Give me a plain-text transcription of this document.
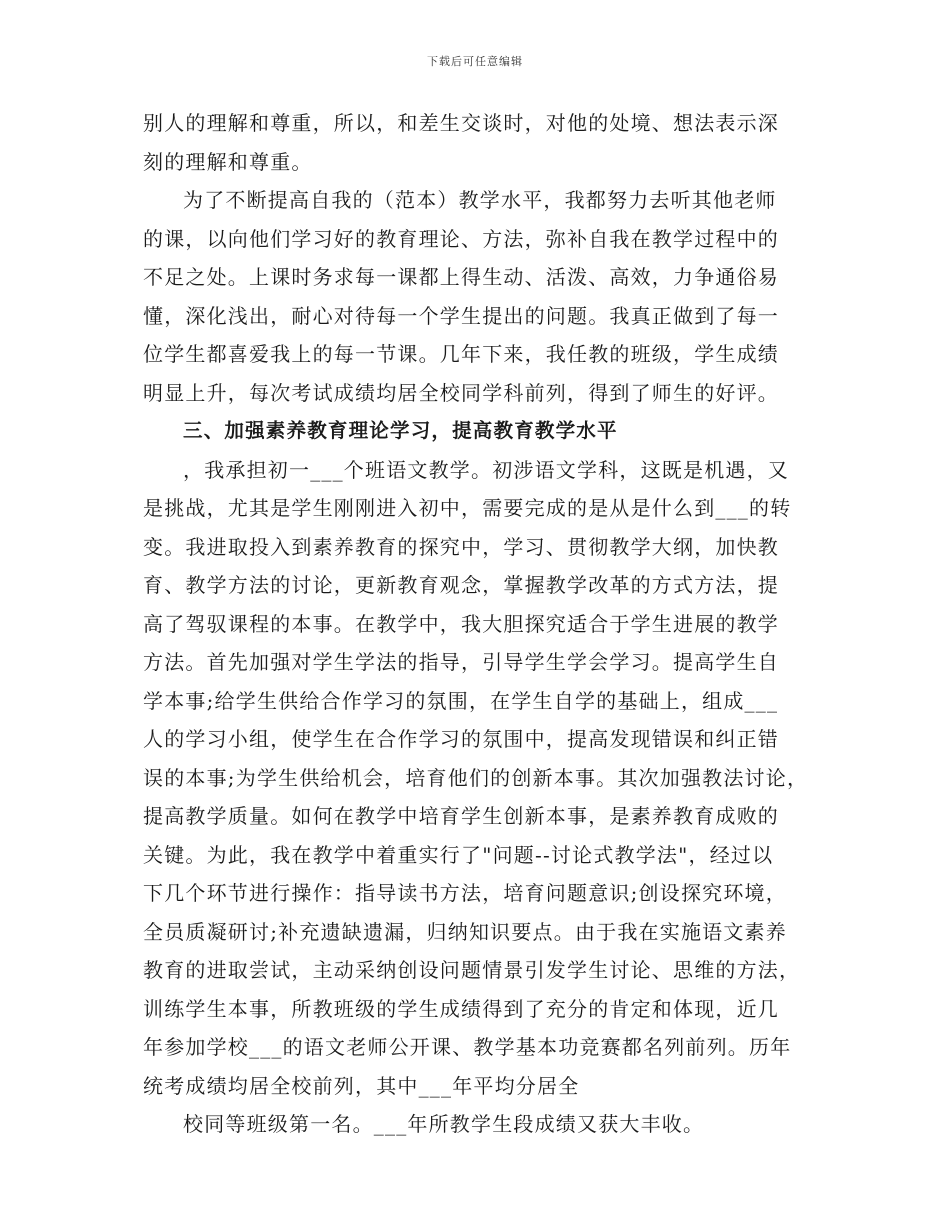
下载后可任意编辑
别人的理解和尊重，所以，和差生交谈时，对他的处境、想法表示深
刻的理解和尊重。
为了不断提高自我的（范本）教学水平，我都努力去听其他老师
的课，以向他们学习好的教育理论、方法，弥补自我在教学过程中的
不足之处。上课时务求每一课都上得生动、活泼、高效，力争通俗易
懂，深化浅出，耐心对待每一个学生提出的问题。我真正做到了每一
位学生都喜爱我上的每一节课。几年下来，我任教的班级，学生成绩
明显上升，每次考试成绩均居全校同学科前列，得到了师生的好评。
三、加强素养教育理论学习，提高教育教学水平
，我承担初一___个班语文教学。初涉语文学科，这既是机遇，又
是挑战，尤其是学生刚刚进入初中，需要完成的是从是什么到___的转
变。我进取投入到素养教育的探究中，学习、贯彻教学大纲，加快教
育、教学方法的讨论，更新教育观念，掌握教学改革的方式方法，提
高了驾驭课程的本事。在教学中，我大胆探究适合于学生进展的教学
方法。首先加强对学生学法的指导，引导学生学会学习。提高学生自
学本事;给学生供给合作学习的氛围，在学生自学的基础上，组成___
人的学习小组，使学生在合作学习的氛围中，提高发现错误和纠正错
误的本事;为学生供给机会，培育他们的创新本事。其次加强教法讨论，
提高教学质量。如何在教学中培育学生创新本事，是素养教育成败的
关键。为此，我在教学中着重实行了"问题--讨论式教学法"，经过以
下几个环节进行操作：指导读书方法，培育问题意识;创设探究环境，
全员质凝研讨;补充遗缺遗漏，归纳知识要点。由于我在实施语文素养
教育的进取尝试，主动采纳创设问题情景引发学生讨论、思维的方法，
训练学生本事，所教班级的学生成绩得到了充分的肯定和体现，近几
年参加学校___的语文老师公开课、教学基本功竞赛都名列前列。历年
统考成绩均居全校前列，其中___年平均分居全
校同等班级第一名。___年所教学生段成绩又获大丰收。
